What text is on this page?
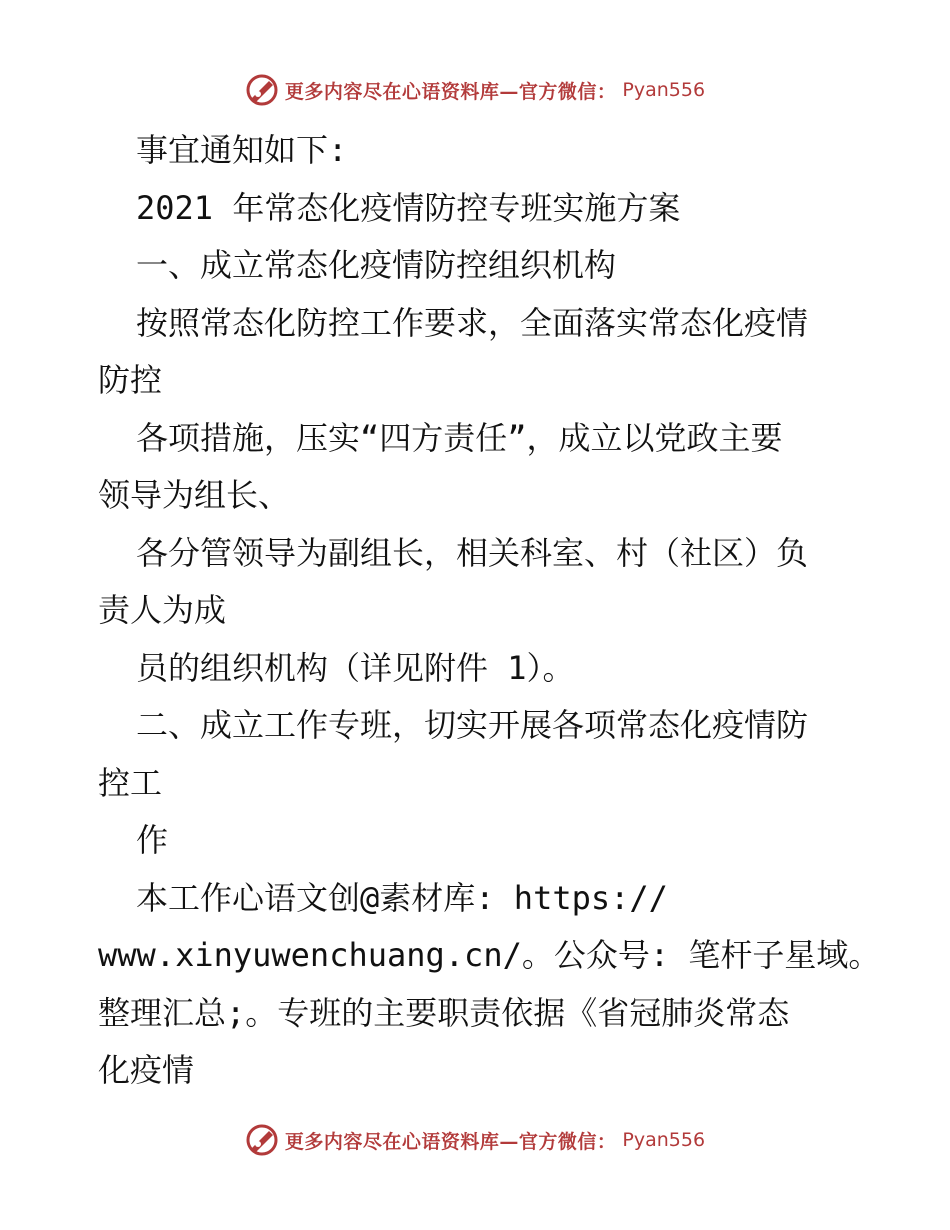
更多内容尽在心语资料库—官方微信： Pyan556
事宜通知如下:
2021 年常态化疫情防控专班实施方案
一、成立常态化疫情防控组织机构
按照常态化防控工作要求，全面落实常态化疫情
防控
各项措施，压实“四方责任”，成立以党政主要
领导为组长、
各分管领导为副组长，相关科室、村（社区）负
责人为成
员的组织机构（详见附件 1）。
二、成立工作专班，切实开展各项常态化疫情防
控工
作
本工作心语文创@素材库: https://
www.xinyuwenchuang.cn/。公众号: 笔杆子星域。
整理汇总;。专班的主要职责依据《省冠肺炎常态
化疫情
更多内容尽在心语资料库—官方微信： Pyan556
